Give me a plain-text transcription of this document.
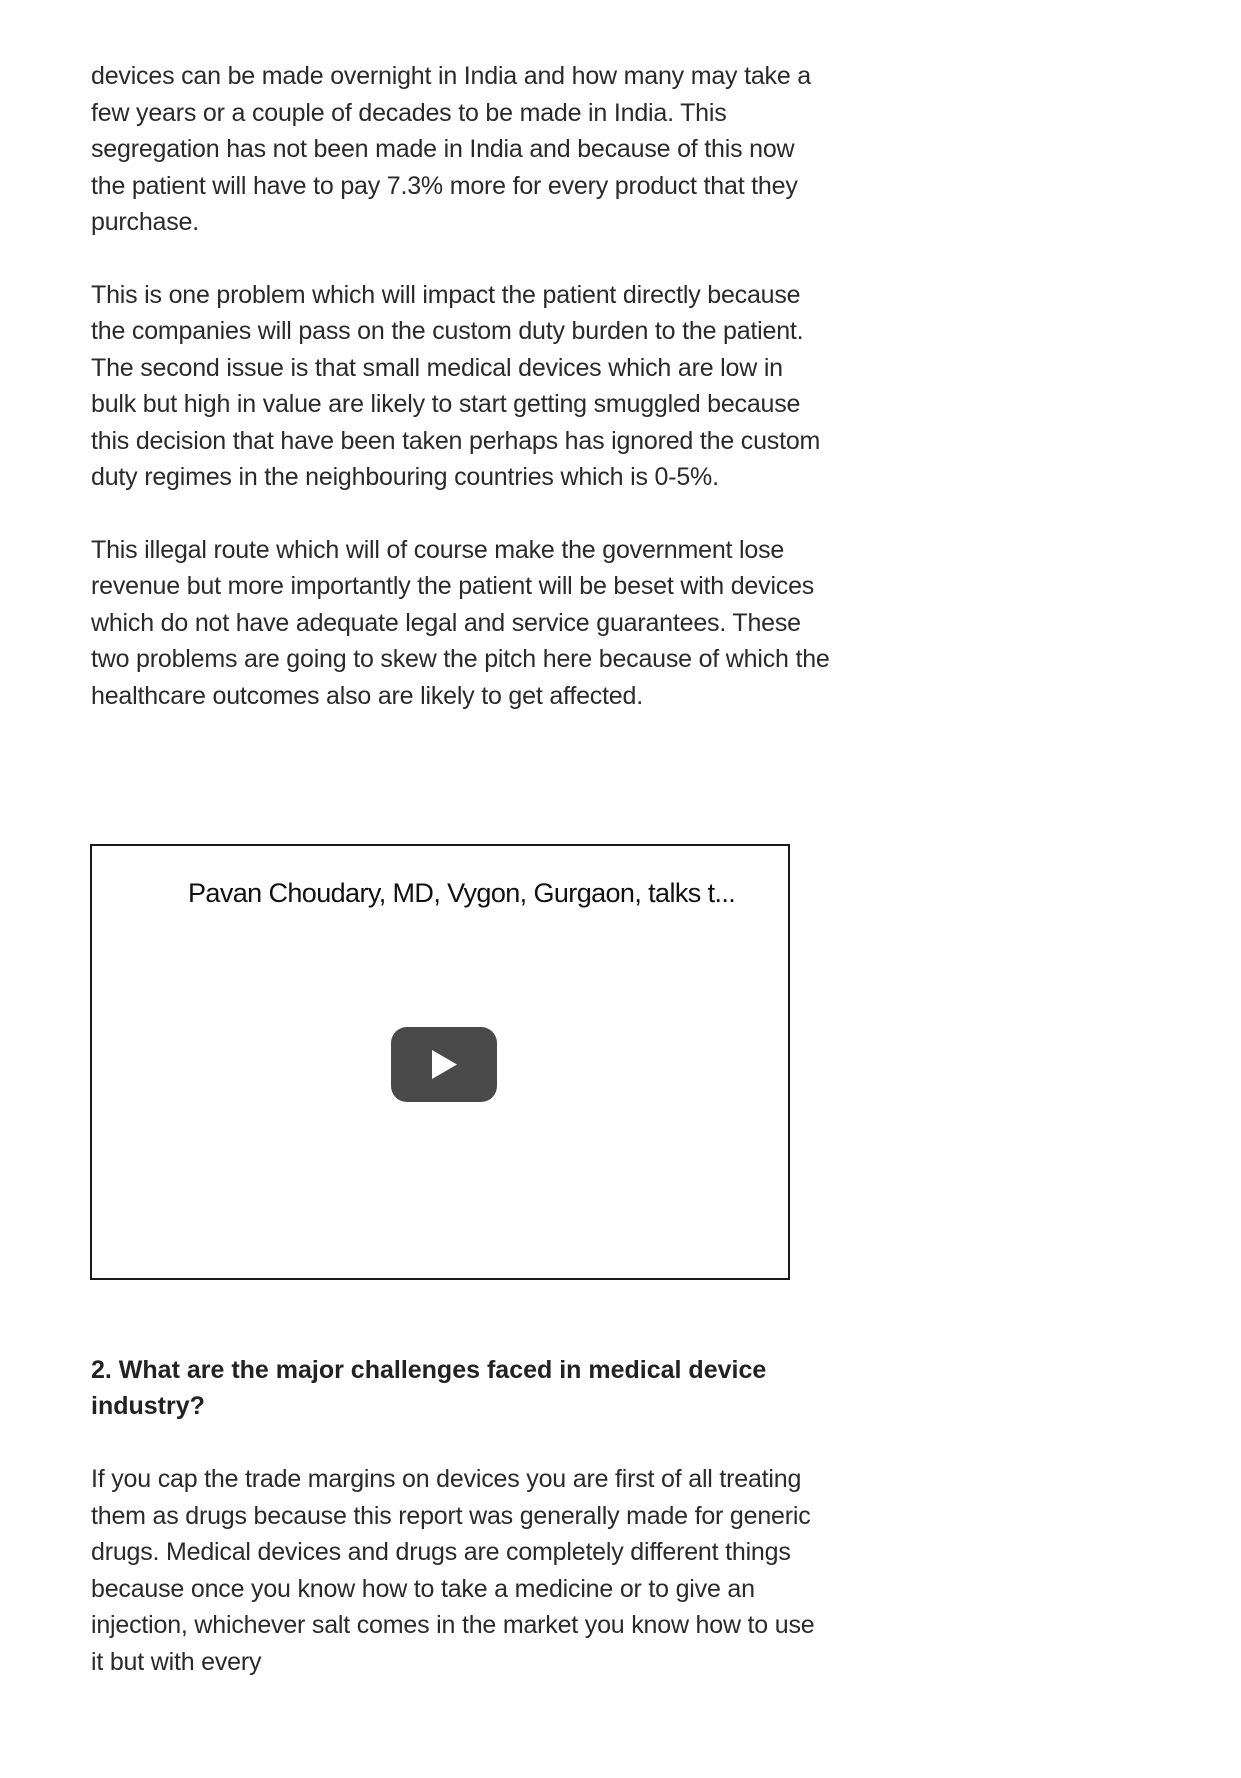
devices can be made overnight in India and how many may take a few years or a couple of decades to be made in India. This segregation has not been made in India and because of this now the patient will have to pay 7.3% more for every product that they purchase.

This is one problem which will impact the patient directly because the companies will pass on the custom duty burden to the patient. The second issue is that small medical devices which are low in bulk but high in value are likely to start getting smuggled because this decision that have been taken perhaps has ignored the custom duty regimes in the neighbouring countries which is 0-5%.

This illegal route which will of course make the government lose revenue but more importantly the patient will be beset with devices which do not have adequate legal and service guarantees. These two problems are going to skew the pitch here because of which the healthcare outcomes also are likely to get affected.

Pavan Choudary, MD, Vygon, Gurgaon, talks t...

2. What are the major challenges faced in medical device industry?

If you cap the trade margins on devices you are first of all treating them as drugs because this report was generally made for generic drugs. Medical devices and drugs are completely different things because once you know how to take a medicine or to give an injection, whichever salt comes in the market you know how to use it but with every
